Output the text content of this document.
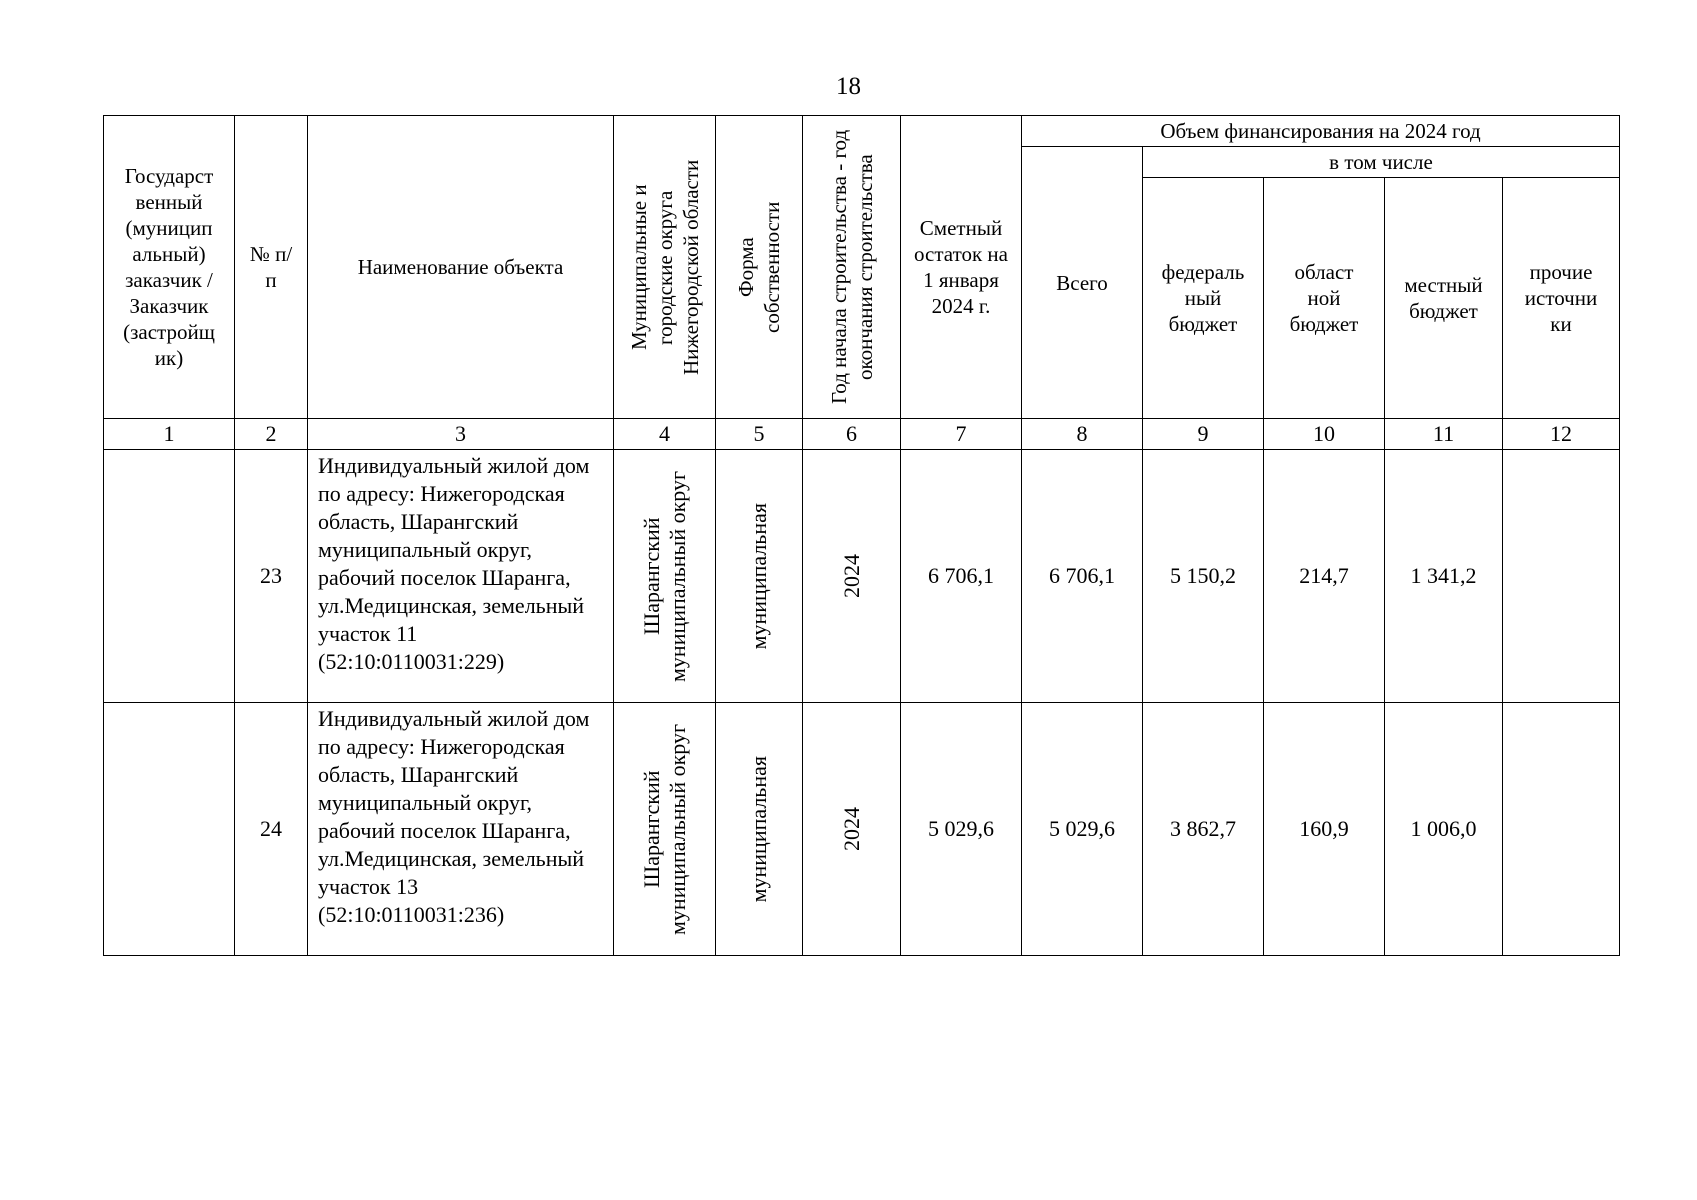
18
Государст венный (муницип альный) заказчик / Заказчик (застройщ ик)	№ п/п	Наименование объекта	Муниципальные и городские округа Нижегородской области	Форма собственности	Год начала строительства - год окончания строительства	Сметный остаток на 1 января 2024 г.	Объем финансирования на 2024 год				
							Всего	в том числе			

								федераль ный бюджет	област ной бюджет	местный бюджет	прочие источни ки

1	2	3	4	5	6	7	8	9	10	11	12
	23	Индивидуальный жилой дом по адресу: Нижегородская область, Шарангский муниципальный округ, рабочий поселок Шаранга, ул.Медицинская, земельный участок 11 (52:10:0110031:229)	Шарангский муниципальный округ	муниципальная	2024	6 706,1	6 706,1	5 150,2	214,7	1 341,2	
	24	Индивидуальный жилой дом по адресу: Нижегородская область, Шарангский муниципальный округ, рабочий поселок Шаранга, ул.Медицинская, земельный участок 13 (52:10:0110031:236)	Шарангский муниципальный округ	муниципальная	2024	5 029,6	5 029,6	3 862,7	160,9	1 006,0	
